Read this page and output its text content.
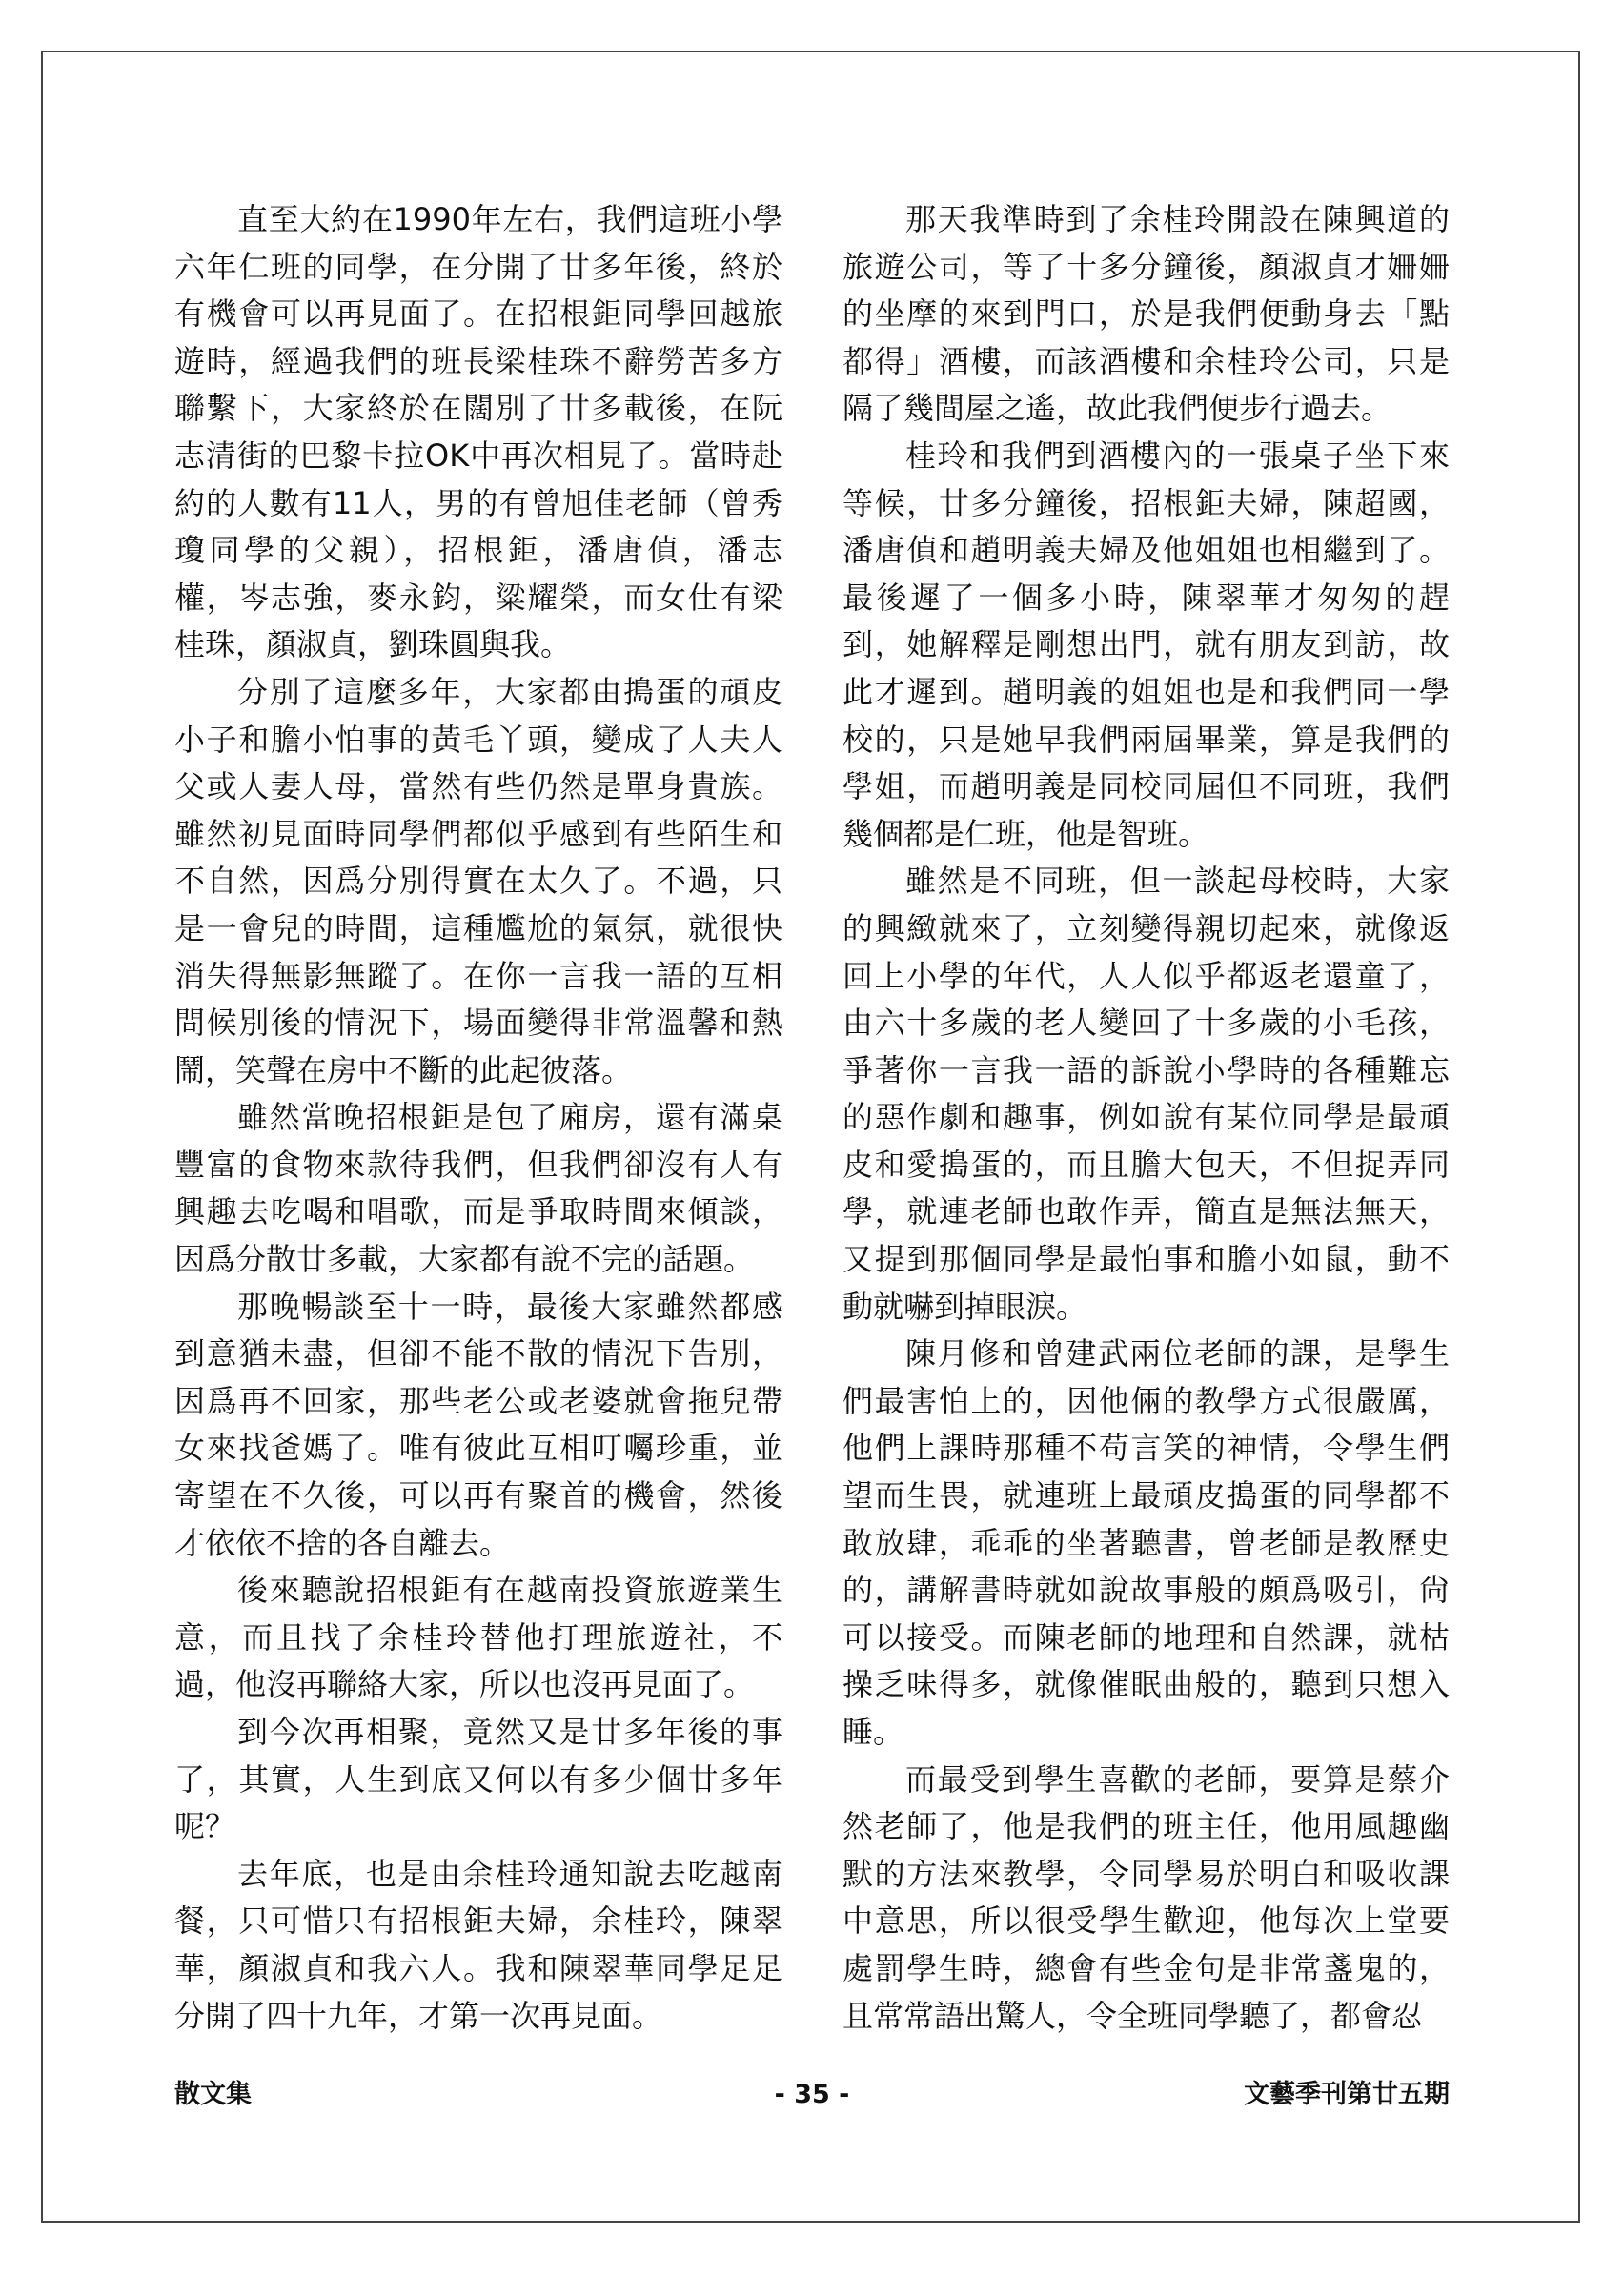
直至大約在1990年左右，我們這班小學
六年仁班的同學，在分開了廿多年後，終於
有機會可以再見面了。在招根鉅同學回越旅
遊時，經過我們的班長梁桂珠不辭勞苦多方
聯繫下，大家終於在闊別了廿多載後，在阮
志清街的巴黎卡拉OK中再次相見了。當時赴
約的人數有11人，男的有曾旭佳老師（曾秀
瓊同學的父親），招根鉅，潘唐偵，潘志
權，岑志強，麥永鈞，粱耀榮，而女仕有梁
桂珠，顏淑貞，劉珠圓與我。
分別了這麼多年，大家都由搗蛋的頑皮
小子和膽小怕事的黃毛丫頭，變成了人夫人
父或人妻人母，當然有些仍然是單身貴族。
雖然初見面時同學們都似乎感到有些陌生和
不自然，因爲分別得實在太久了。不過，只
是一會兒的時間，這種尷尬的氣氛，就很快
消失得無影無蹤了。在你一言我一語的互相
問候別後的情況下，場面變得非常溫馨和熱
鬧，笑聲在房中不斷的此起彼落。
雖然當晚招根鉅是包了廂房，還有滿桌
豐富的食物來款待我們，但我們卻沒有人有
興趣去吃喝和唱歌，而是爭取時間來傾談，
因爲分散廿多載，大家都有說不完的話題。
那晚暢談至十一時，最後大家雖然都感
到意猶未盡，但卻不能不散的情況下告別，
因爲再不回家，那些老公或老婆就會拖兒帶
女來找爸媽了。唯有彼此互相叮囑珍重，並
寄望在不久後，可以再有聚首的機會，然後
才依依不捨的各自離去。
後來聽說招根鉅有在越南投資旅遊業生
意，而且找了余桂玲替他打理旅遊社，不
過，他沒再聯絡大家，所以也沒再見面了。
到今次再相聚，竟然又是廿多年後的事
了，其實，人生到底又何以有多少個廿多年
呢？
去年底，也是由余桂玲通知說去吃越南
餐，只可惜只有招根鉅夫婦，余桂玲，陳翠
華，顏淑貞和我六人。我和陳翠華同學足足
分開了四十九年，才第一次再見面。
那天我準時到了余桂玲開設在陳興道的
旅遊公司，等了十多分鐘後，顏淑貞才姍姍
的坐摩的來到門口，於是我們便動身去「點
都得」酒樓，而該酒樓和余桂玲公司，只是
隔了幾間屋之遙，故此我們便步行過去。
桂玲和我們到酒樓內的一張桌子坐下來
等候，廿多分鐘後，招根鉅夫婦，陳超國，
潘唐偵和趙明義夫婦及他姐姐也相繼到了。
最後遲了一個多小時，陳翠華才匆匆的趕
到，她解釋是剛想出門，就有朋友到訪，故
此才遲到。趙明義的姐姐也是和我們同一學
校的，只是她早我們兩屆畢業，算是我們的
學姐，而趙明義是同校同屆但不同班，我們
幾個都是仁班，他是智班。
雖然是不同班，但一談起母校時，大家
的興緻就來了，立刻變得親切起來，就像返
回上小學的年代，人人似乎都返老還童了，
由六十多歲的老人變回了十多歲的小毛孩，
爭著你一言我一語的訴說小學時的各種難忘
的惡作劇和趣事，例如說有某位同學是最頑
皮和愛搗蛋的，而且膽大包天，不但捉弄同
學，就連老師也敢作弄，簡直是無法無天，
又提到那個同學是最怕事和膽小如鼠，動不
動就嚇到掉眼淚。
陳月修和曾建武兩位老師的課，是學生
們最害怕上的，因他倆的教學方式很嚴厲，
他們上課時那種不苟言笑的神情，令學生們
望而生畏，就連班上最頑皮搗蛋的同學都不
敢放肆，乖乖的坐著聽書，曾老師是教歷史
的，講解書時就如說故事般的頗爲吸引，尙
可以接受。而陳老師的地理和自然課，就枯
操乏味得多，就像催眠曲般的，聽到只想入
睡。
而最受到學生喜歡的老師，要算是蔡介
然老師了，他是我們的班主任，他用風趣幽
默的方法來教學，令同學易於明白和吸收課
中意思，所以很受學生歡迎，他每次上堂要
處罰學生時，總會有些金句是非常盞鬼的，
且常常語出驚人，令全班同學聽了，都會忍
散文集	- 35 -	文藝季刊第廿五期
